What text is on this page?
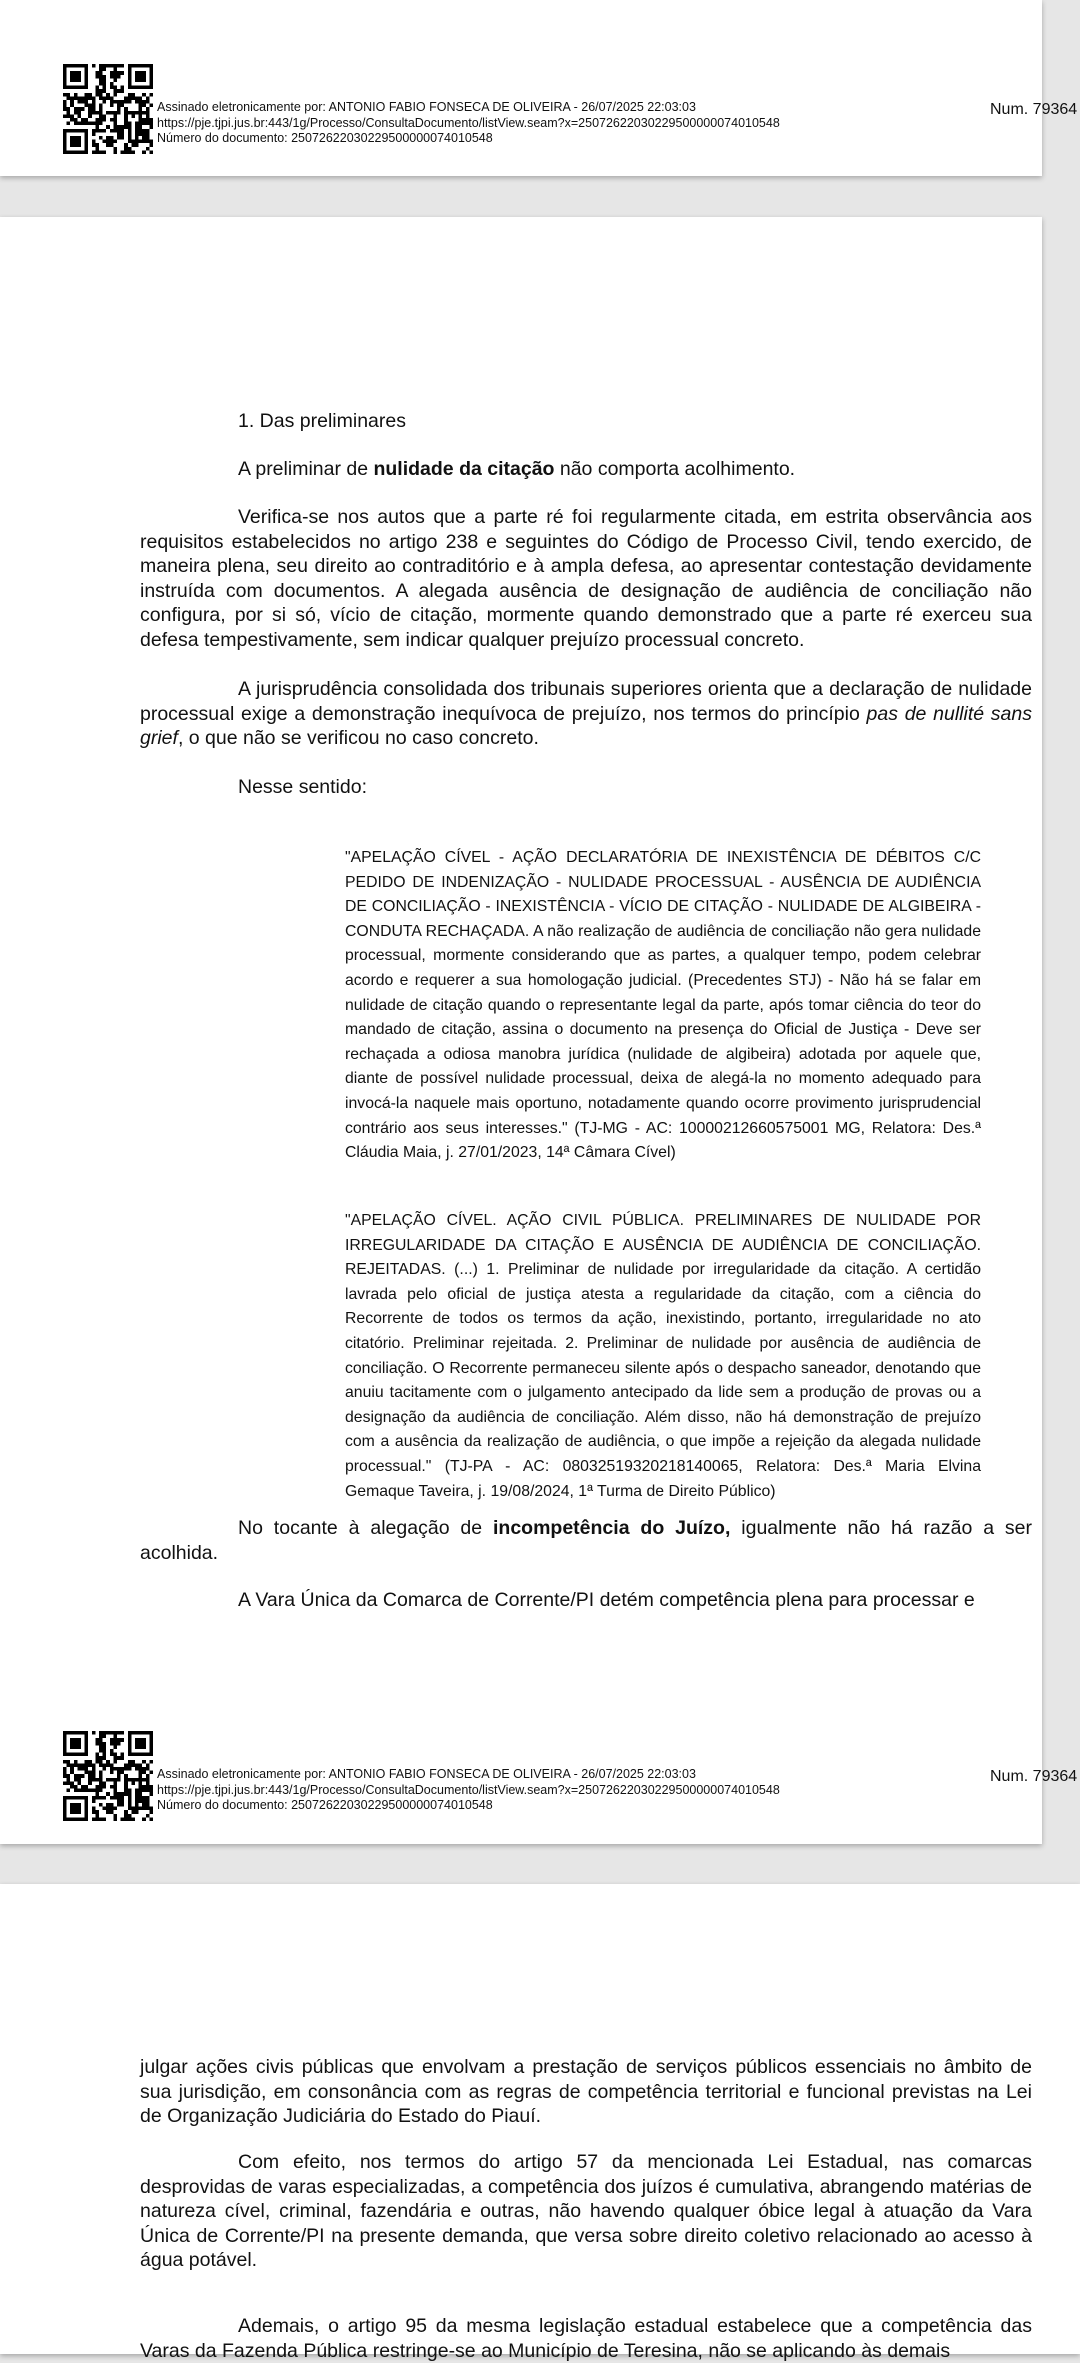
Assinado eletronicamente por: ANTONIO FABIO FONSECA DE OLIVEIRA - 26/07/2025 22:03:03
https://pje.tjpi.jus.br:443/1g/Processo/ConsultaDocumento/listView.seam?x=25072622030229500000074010548
Número do documento: 25072622030229500000074010548
Num. 79364
1. Das preliminares
A preliminar de nulidade da citação não comporta acolhimento.

Verifica-se nos autos que a parte ré foi regularmente citada, em estrita observância aos requisitos estabelecidos no artigo 238 e seguintes do Código de Processo Civil, tendo exercido, de maneira plena, seu direito ao contraditório e à ampla defesa, ao apresentar contestação devidamente instruída com documentos. A alegada ausência de designação de audiência de conciliação não configura, por si só, vício de citação, mormente quando demonstrado que a parte ré exerceu sua defesa tempestivamente, sem indicar qualquer prejuízo processual concreto.

A jurisprudência consolidada dos tribunais superiores orienta que a declaração de nulidade processual exige a demonstração inequívoca de prejuízo, nos termos do princípio pas de nullité sans grief, o que não se verificou no caso concreto.

Nesse sentido:
"APELAÇÃO CÍVEL - AÇÃO DECLARATÓRIA DE INEXISTÊNCIA DE DÉBITOS C/C PEDIDO DE INDENIZAÇÃO - NULIDADE PROCESSUAL - AUSÊNCIA DE AUDIÊNCIA DE CONCILIAÇÃO - INEXISTÊNCIA - VÍCIO DE CITAÇÃO - NULIDADE DE ALGIBEIRA - CONDUTA RECHAÇADA. A não realização de audiência de conciliação não gera nulidade processual, mormente considerando que as partes, a qualquer tempo, podem celebrar acordo e requerer a sua homologação judicial. (Precedentes STJ) - Não há se falar em nulidade de citação quando o representante legal da parte, após tomar ciência do teor do mandado de citação, assina o documento na presença do Oficial de Justiça - Deve ser rechaçada a odiosa manobra jurídica (nulidade de algibeira) adotada por aquele que, diante de possível nulidade processual, deixa de alegá-la no momento adequado para invocá-la naquele mais oportuno, notadamente quando ocorre provimento jurisprudencial contrário aos seus interesses." (TJ-MG - AC: 10000212660575001 MG, Relatora: Des.ª Cláudia Maia, j. 27/01/2023, 14ª Câmara Cível)
"APELAÇÃO CÍVEL. AÇÃO CIVIL PÚBLICA. PRELIMINARES DE NULIDADE POR IRREGULARIDADE DA CITAÇÃO E AUSÊNCIA DE AUDIÊNCIA DE CONCILIAÇÃO. REJEITADAS. (...) 1. Preliminar de nulidade por irregularidade da citação. A certidão lavrada pelo oficial de justiça atesta a regularidade da citação, com a ciência do Recorrente de todos os termos da ação, inexistindo, portanto, irregularidade no ato citatório. Preliminar rejeitada. 2. Preliminar de nulidade por ausência de audiência de conciliação. O Recorrente permaneceu silente após o despacho saneador, denotando que anuiu tacitamente com o julgamento antecipado da lide sem a produção de provas ou a designação da audiência de conciliação. Além disso, não há demonstração de prejuízo com a ausência da realização de audiência, o que impõe a rejeição da alegada nulidade processual." (TJ-PA - AC: 08032519320218140065, Relatora: Des.ª Maria Elvina Gemaque Taveira, j. 19/08/2024, 1ª Turma de Direito Público)

No tocante à alegação de incompetência do Juízo, igualmente não há razão a ser acolhida.

A Vara Única da Comarca de Corrente/PI detém competência plena para processar e
Assinado eletronicamente por: ANTONIO FABIO FONSECA DE OLIVEIRA - 26/07/2025 22:03:03
https://pje.tjpi.jus.br:443/1g/Processo/ConsultaDocumento/listView.seam?x=25072622030229500000074010548
Número do documento: 25072622030229500000074010548
Num. 79364

julgar ações civis públicas que envolvam a prestação de serviços públicos essenciais no âmbito de sua jurisdição, em consonância com as regras de competência territorial e funcional previstas na Lei de Organização Judiciária do Estado do Piauí.

Com efeito, nos termos do artigo 57 da mencionada Lei Estadual, nas comarcas desprovidas de varas especializadas, a competência dos juízos é cumulativa, abrangendo matérias de natureza cível, criminal, fazendária e outras, não havendo qualquer óbice legal à atuação da Vara Única de Corrente/PI na presente demanda, que versa sobre direito coletivo relacionado ao acesso à água potável.

Ademais, o artigo 95 da mesma legislação estadual estabelece que a competência das Varas da Fazenda Pública restringe-se ao Município de Teresina, não se aplicando às demais
